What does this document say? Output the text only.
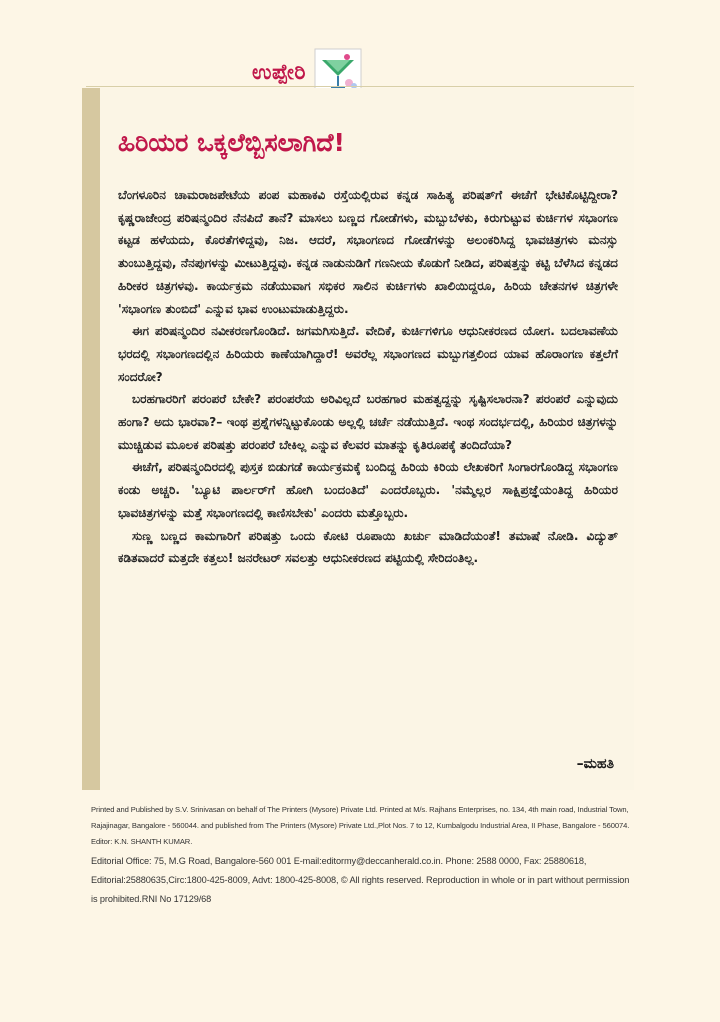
ಉಪ್ಪೇರಿ
ಹಿರಿಯರ ಒಕ್ಕಲೆಬ್ಬಿಸಲಾಗಿದೆ!

ಬೆಂಗಳೂರಿನ ಚಾಮರಾಜಪೇಟೆಯ ಪಂಪ ಮಹಾಕವಿ ರಸ್ತೆಯಲ್ಲಿರುವ ಕನ್ನಡ ಸಾಹಿತ್ಯ ಪರಿಷತ್‌ಗೆ ಈಚೆಗೆ ಭೇಟಿಕೊಟ್ಟಿದ್ದೀರಾ? ಕೃಷ್ಣರಾಜೇಂದ್ರ ಪರಿಷನ್ಮಂದಿರ ನೆನಪಿದೆ ತಾನೆ? ಮಾಸಲು ಬಣ್ಣದ ಗೋಡೆಗಳು, ಮಬ್ಬುಬೆಳಕು, ಕಿರುಗುಟ್ಟುವ ಕುರ್ಚಿಗಳ ಸಭಾಂಗಣ ಕಟ್ಟಡ ಹಳೆಯದು, ಕೊರತೆಗಳಿದ್ದವು, ನಿಜ. ಆದರೆ, ಸಭಾಂಗಣದ ಗೋಡೆಗಳನ್ನು ಅಲಂಕರಿಸಿದ್ದ ಭಾವಚಿತ್ರಗಳು ಮನಸ್ಸು ತುಂಬುತ್ತಿದ್ದವು, ನೆನಪುಗಳನ್ನು ಮೀಟುತ್ತಿದ್ದವು. ಕನ್ನಡ ನಾಡುನುಡಿಗೆ ಗಣನೀಯ ಕೊಡುಗೆ ನೀಡಿದ, ಪರಿಷತ್ತನ್ನು ಕಟ್ಟಿ ಬೆಳೆಸಿದ ಕನ್ನಡದ ಹಿರೀಕರ ಚಿತ್ರಗಳವು. ಕಾರ್ಯಕ್ರಮ ನಡೆಯುವಾಗ ಸಭಿಕರ ಸಾಲಿನ ಕುರ್ಚಿಗಳು ಖಾಲಿಯಿದ್ದರೂ, ಹಿರಿಯ ಚೇತನಗಳ ಚಿತ್ರಗಳೇ 'ಸಭಾಂಗಣ ತುಂಬಿದೆ' ಎನ್ನುವ ಭಾವ ಉಂಟುಮಾಡುತ್ತಿದ್ದರು.

ಈಗ ಪರಿಷನ್ಮಂದಿರ ನವೀಕರಣಗೊಂಡಿದೆ. ಜಗಮಗಿಸುತ್ತಿದೆ. ವೇದಿಕೆ, ಕುರ್ಚಿಗಳಿಗೂ ಆಧುನೀಕರಣದ ಯೋಗ. ಬದಲಾವಣೆಯ ಭರದಲ್ಲಿ ಸಭಾಂಗಣದಲ್ಲಿನ ಹಿರಿಯರು ಕಾಣೆಯಾಗಿದ್ದಾರೆ! ಅವರೆಲ್ಲ ಸಭಾಂಗಣದ ಮಬ್ಬುಗತ್ತಲಿಂದ ಯಾವ ಹೊರಾಂಗಣ ಕತ್ತಲೆಗೆ ಸಂದರೋ?

ಬರಹಗಾರರಿಗೆ ಪರಂಪರೆ ಬೇಕೇ? ಪರಂಪರೆಯ ಅರಿವಿಲ್ಲದೆ ಬರಹಗಾರ ಮಹತ್ವದ್ದನ್ನು ಸೃಷ್ಟಿಸಲಾರನಾ? ಪರಂಪರೆ ಎನ್ನುವುದು ಹಂಗಾ? ಅದು ಭಾರವಾ?– ಇಂಥ ಪ್ರಶ್ನೆಗಳನ್ನಿಟ್ಟುಕೊಂಡು ಅಲ್ಲಲ್ಲಿ ಚರ್ಚೆ ನಡೆಯುತ್ತಿದೆ. ಇಂಥ ಸಂದರ್ಭದಲ್ಲಿ, ಹಿರಿಯರ ಚಿತ್ರಗಳನ್ನು ಮುಚ್ಚಿಡುವ ಮೂಲಕ ಪರಿಷತ್ತು ಪರಂಪರೆ ಬೇಕಿಲ್ಲ ಎನ್ನುವ ಕೆಲವರ ಮಾತನ್ನು ಕೃತಿರೂಪಕ್ಕೆ ತಂದಿದೆಯಾ?

ಈಚೆಗೆ, ಪರಿಷನ್ಮಂದಿರದಲ್ಲಿ ಪುಸ್ತಕ ಬಿಡುಗಡೆ ಕಾರ್ಯಕ್ರಮಕ್ಕೆ ಬಂದಿದ್ದ ಹಿರಿಯ ಕಿರಿಯ ಲೇಖಕರಿಗೆ ಸಿಂಗಾರಗೊಂಡಿದ್ದ ಸಭಾಂಗಣ ಕಂಡು ಅಚ್ಚರಿ. 'ಬ್ಯೂಟಿ ಪಾರ್ಲರ್‌ಗೆ ಹೋಗಿ ಬಂದಂತಿದೆ' ಎಂದರೊಬ್ಬರು. 'ನಮ್ಮೆಲ್ಲರ ಸಾಕ್ಷಿಪ್ರಜ್ಞೆಯಂತಿದ್ದ ಹಿರಿಯರ ಭಾವಚಿತ್ರಗಳನ್ನು ಮತ್ತೆ ಸಭಾಂಗಣದಲ್ಲಿ ಕಾಣಿಸಬೇಕು' ಎಂದರು ಮತ್ತೊಬ್ಬರು.

ಸುಣ್ಣ ಬಣ್ಣದ ಕಾಮಗಾರಿಗೆ ಪರಿಷತ್ತು ಒಂದು ಕೋಟಿ ರೂಪಾಯಿ ಖರ್ಚು ಮಾಡಿದೆಯಂತೆ! ತಮಾಷೆ ನೋಡಿ. ವಿದ್ಯುತ್ ಕಡಿತವಾದರೆ ಮತ್ತದೇ ಕತ್ತಲು! ಜನರೇಟರ್ ಸವಲತ್ತು ಆಧುನೀಕರಣದ ಪಟ್ಟಿಯಲ್ಲಿ ಸೇರಿದಂತಿಲ್ಲ.

–ಮಹತಿ

Printed and Published by S.V. Srinivasan on behalf of The Printers (Mysore) Private Ltd. Printed at M/s. Rajhans Enterprises, no. 134, 4th main road, Industrial Town, Rajajinagar, Bangalore - 560044. and published from The Printers (Mysore) Private Ltd.,Plot Nos. 7 to 12, Kumbalgodu Industrial Area, II Phase, Bangalore - 560074. Editor: K.N. SHANTH KUMAR.

Editorial Office: 75, M.G Road, Bangalore-560 001 E-mail:editormy@deccanherald.co.in. Phone: 2588 0000, Fax: 25880618, Editorial:25880635,Circ:1800-425-8009, Advt: 1800-425-8008, © All rights reserved. Reproduction in whole or in part without permission is prohibited.RNI No 17129/68
